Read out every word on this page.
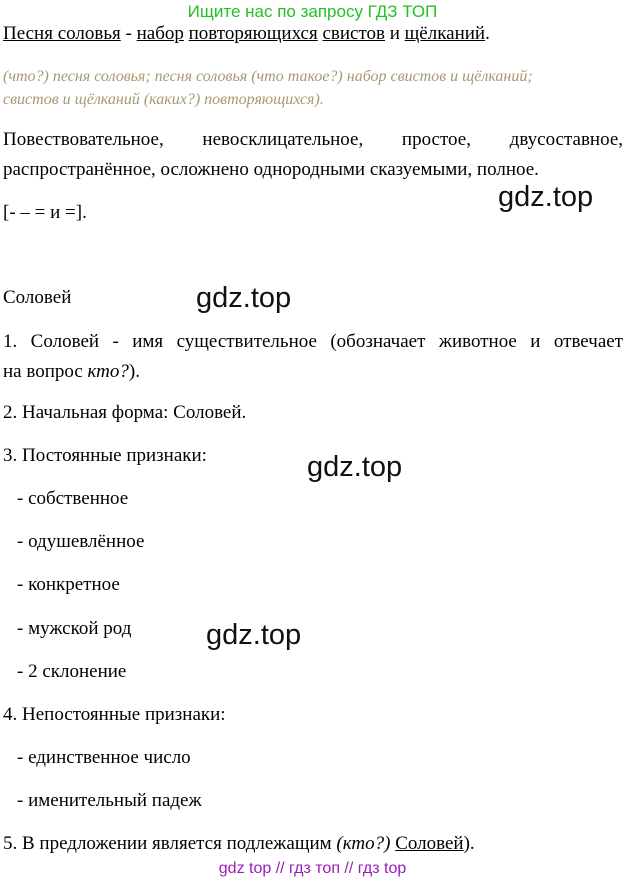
Ищите нас по запросу ГДЗ ТОП
Песня соловья - набор повторяющихся свистов и щёлканий.
(что?) песня соловья; песня соловья (что такое?) набор свистов и щёлканий;
свистов и щёлканий (каких?) повторяющихся).
Повествовательное, невосклицательное, простое, двусоставное,
распространённое, осложнено однородными сказуемыми, полное.
[- ‒ = и =].	gdz.top
Соловей	gdz.top
1. Соловей - имя существительное (обозначает животное и отвечает
на вопрос кто?).
2. Начальная форма: Соловей.
3. Постоянные признаки:	gdz.top
- собственное
- одушевлённое
- конкретное
- мужской род	gdz.top
- 2 склонение
4. Непостоянные признаки:
- единственное число
- именительный падеж
5. В предложении является подлежащим (кто?) Соловей).
gdz top // гдз топ // гдз top
